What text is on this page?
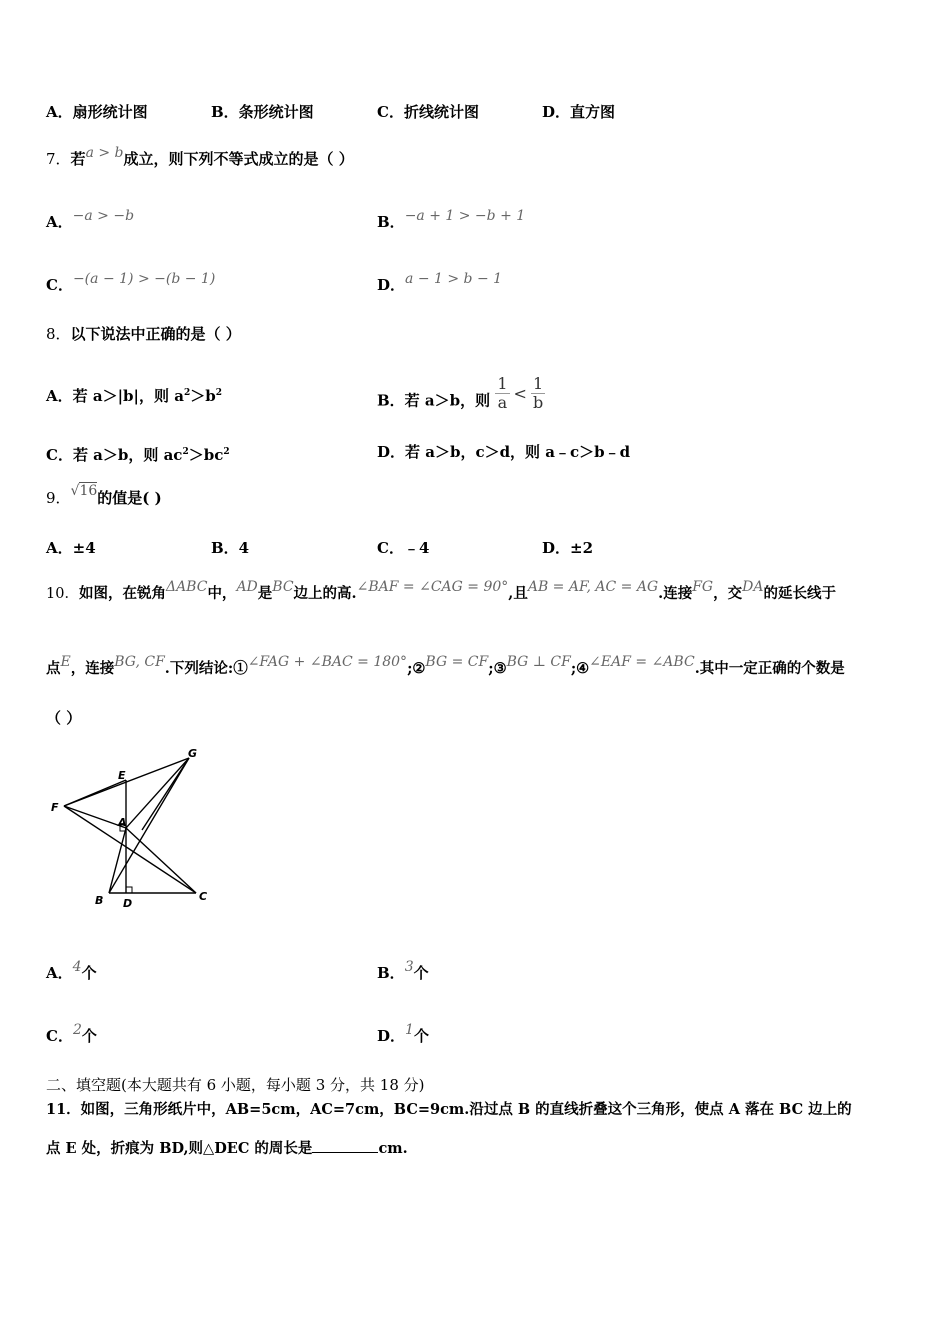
A．扇形统计图	B．条形统计图	C．折线统计图	D．直方图
7．若a > b成立，则下列不等式成立的是（ ）
A．−a > −b	B．−a + 1 > −b + 1
C．−(a − 1) > −(b − 1)	D．a − 1 > b − 1
8．以下说法中正确的是（ ）
A．若 a＞|b|，则 $a^2>b^2$	B．若 a＞b，则 $\frac{1}{a} < \frac{1}{b}$
C．若 a＞b，则 $ac^2>bc^2$	D．若 a＞b，c＞d，则 a﹣c＞b﹣d
9．√16的值是( )
A．±4	B．4	C．﹣4	D．±2
10．如图，在锐角ΔABC中，AD是BC边上的高.∠BAF = ∠CAG = 90°,且AB = AF, AC = AG.连接FG，交DA的延长线于
点E，连接BG, CF.下列结论:①∠FAG + ∠BAC = 180°;②BG = CF;③BG ⊥ CF;④∠EAF = ∠ABC.其中一定正确的个数是
（ ）
G
E
F
A
B D
C
A．4个	B．3个
C．2个	D．1个
二、填空题(本大题共有 6 小题，每小题 3 分，共 18 分)
11．如图，三角形纸片中，AB=5cm，AC=7cm，BC=9cm.沿过点 B 的直线折叠这个三角形，使点 A 落在 BC 边上的
点 E 处，折痕为 BD,则△DEC 的周长是	cm.
